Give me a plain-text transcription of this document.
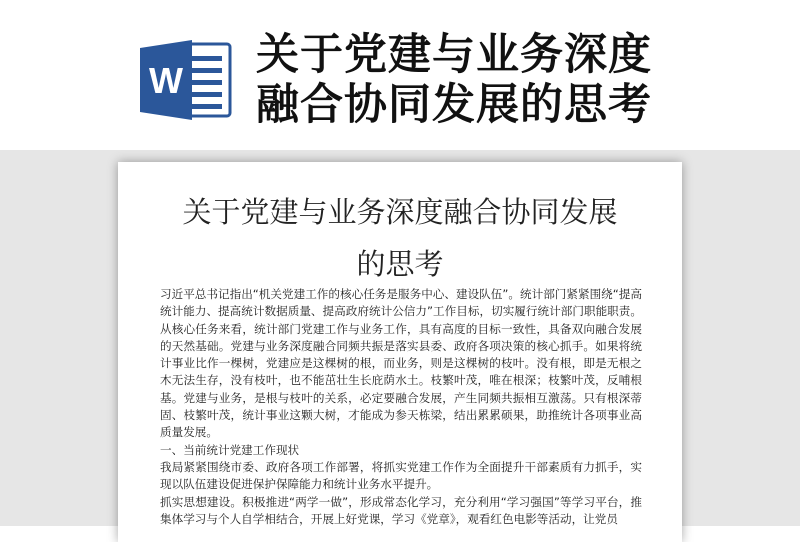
W
关于党建与业务深度
融合协同发展的思考
关于党建与业务深度融合协同发展
的思考

习近平总书记指出“机关党建工作的核心任务是服务中心、建设队伍”。统计部门紧紧围绕“提高统计能力、提高统计数据质量、提高政府统计公信力”工作目标，切实履行统计部门职能职责。从核心任务来看，统计部门党建工作与业务工作，具有高度的目标一致性，具备双向融合发展的天然基础。党建与业务深度融合同频共振是落实县委、政府各项决策的核心抓手。如果将统计事业比作一棵树，党建应是这棵树的根，而业务，则是这棵树的枝叶。没有根，即是无根之木无法生存，没有枝叶，也不能茁壮生长庇荫水土。枝繁叶茂，唯在根深；枝繁叶茂，反哺根基。党建与业务，是根与枝叶的关系，必定要融合发展，产生同频共振相互激荡。只有根深蒂固、枝繁叶茂，统计事业这颗大树，才能成为参天栋梁，结出累累硕果，助推统计各项事业高质量发展。

一、当前统计党建工作现状

我局紧紧围绕市委、政府各项工作部署，将抓实党建工作作为全面提升干部素质有力抓手，实现以队伍建设促进保护保障能力和统计业务水平提升。

抓实思想建设。积极推进“两学一做”，形成常态化学习，充分利用“学习强国”等学习平台，推集体学习与个人自学相结合，开展上好党课，学习《党章》，观看红色电影等活动，让党员
